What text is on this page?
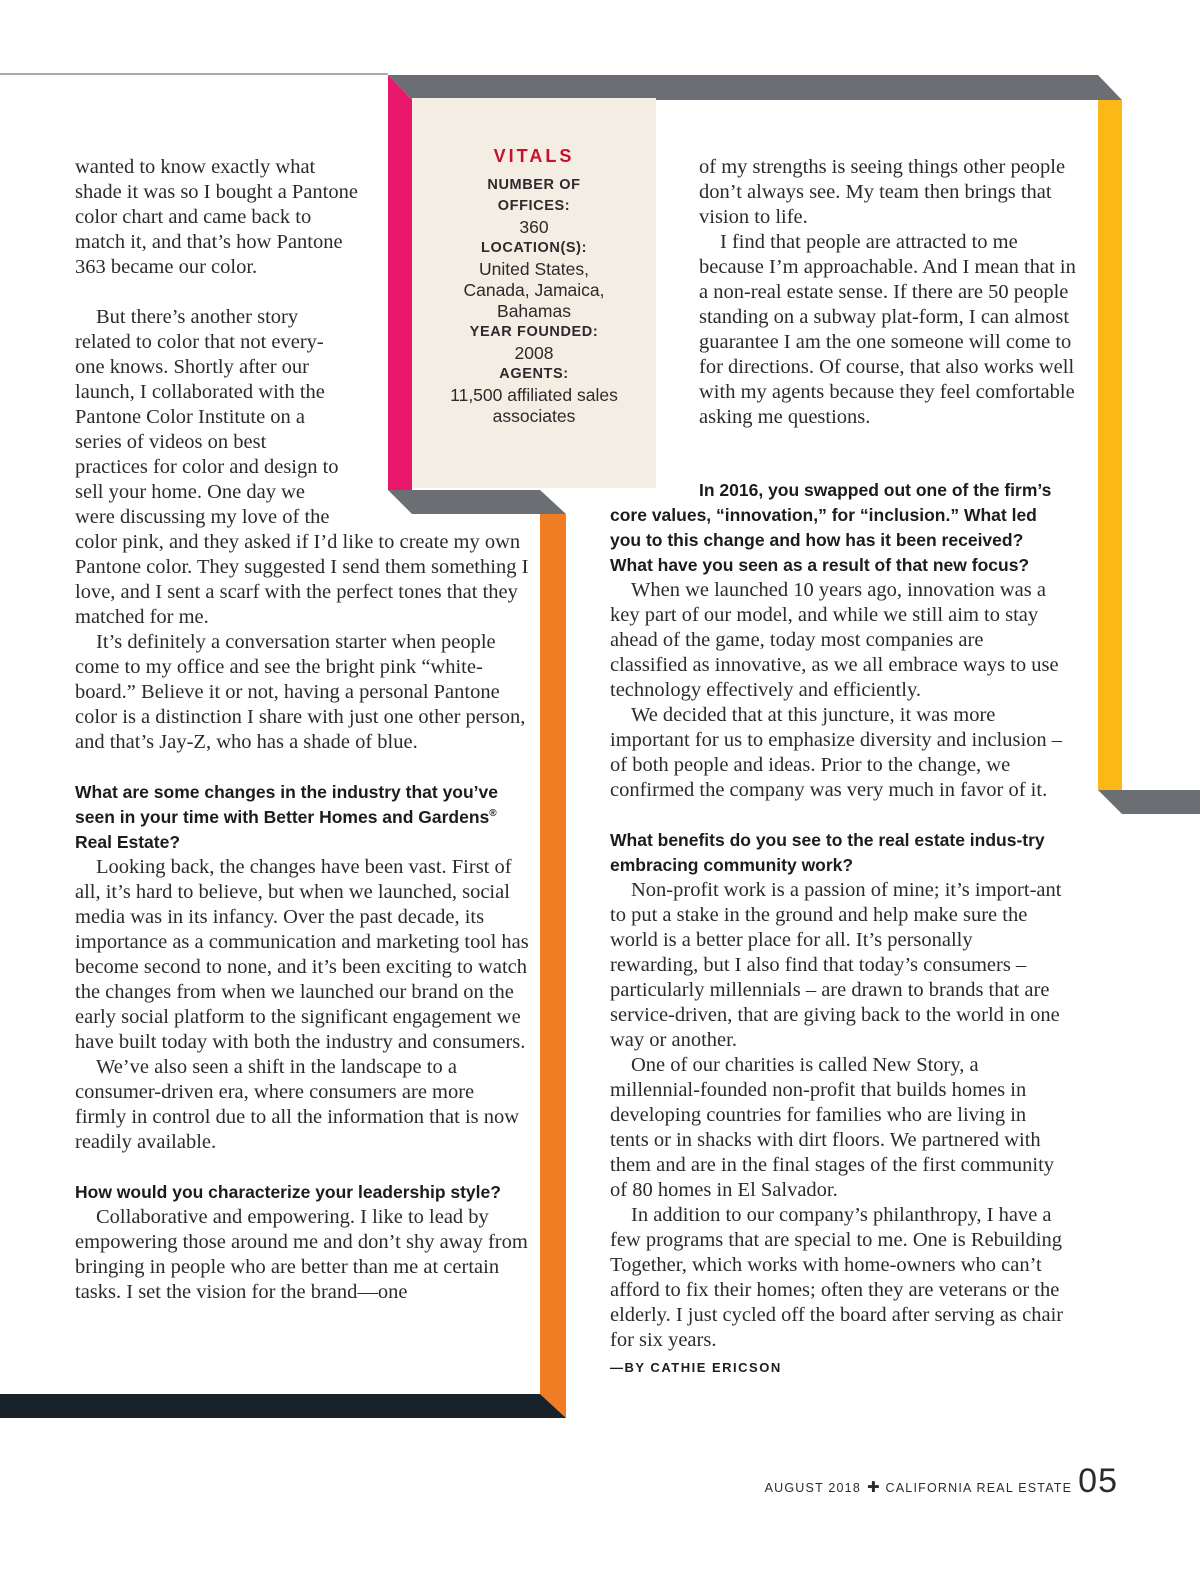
VITALS
NUMBER OF OFFICES:
360
LOCATION(S):
United States, Canada, Jamaica, Bahamas
YEAR FOUNDED:
2008
AGENTS:
11,500 affiliated sales associates

wanted to know exactly what shade it was so I bought a Pantone color chart and came back to match it, and that’s how Pantone 363 became our color.

But there’s another story related to color that not every-one knows. Shortly after our launch, I collaborated with the Pantone Color Institute on a series of videos on best practices for color and design to sell your home. One day we were discussing my love of the color pink, and they asked if I’d like to create my own Pantone color. They suggested I send them something I love, and I sent a scarf with the perfect tones that they matched for me.

It’s definitely a conversation starter when people come to my office and see the bright pink “white-board.” Believe it or not, having a personal Pantone color is a distinction I share with just one other person, and that’s Jay-Z, who has a shade of blue.

What are some changes in the industry that you’ve seen in your time with Better Homes and Gardens® Real Estate?

Looking back, the changes have been vast. First of all, it’s hard to believe, but when we launched, social media was in its infancy. Over the past decade, its importance as a communication and marketing tool has become second to none, and it’s been exciting to watch the changes from when we launched our brand on the early social platform to the significant engagement we have built today with both the industry and consumers.

We’ve also seen a shift in the landscape to a consumer-driven era, where consumers are more firmly in control due to all the information that is now readily available.

How would you characterize your leadership style?

Collaborative and empowering. I like to lead by empowering those around me and don’t shy away from bringing in people who are better than me at certain tasks. I set the vision for the brand—one

of my strengths is seeing things other people don’t always see. My team then brings that vision to life.

I find that people are attracted to me because I’m approachable. And I mean that in a non-real estate sense. If there are 50 people standing on a subway plat-form, I can almost guarantee I am the one someone will come to for directions. Of course, that also works well with my agents because they feel comfortable asking me questions.

In 2016, you swapped out one of the firm’s core values, “innovation,” for “inclusion.” What led you to this change and how has it been received? What have you seen as a result of that new focus?

When we launched 10 years ago, innovation was a key part of our model, and while we still aim to stay ahead of the game, today most companies are classified as innovative, as we all embrace ways to use technology effectively and efficiently.

We decided that at this juncture, it was more important for us to emphasize diversity and inclusion – of both people and ideas. Prior to the change, we confirmed the company was very much in favor of it.

What benefits do you see to the real estate indus-try embracing community work?

Non-profit work is a passion of mine; it’s import-ant to put a stake in the ground and help make sure the world is a better place for all. It’s personally rewarding, but I also find that today’s consumers – particularly millennials – are drawn to brands that are service-driven, that are giving back to the world in one way or another.

One of our charities is called New Story, a millennial-founded non-profit that builds homes in developing countries for families who are living in tents or in shacks with dirt floors. We partnered with them and are in the final stages of the first community of 80 homes in El Salvador.

In addition to our company’s philanthropy, I have a few programs that are special to me. One is Rebuilding Together, which works with home-owners who can’t afford to fix their homes; often they are veterans or the elderly. I just cycled off the board after serving as chair for six years.

—BY CATHIE ERICSON
AUGUST 2018 ✚ CALIFORNIA REAL ESTATE 05
